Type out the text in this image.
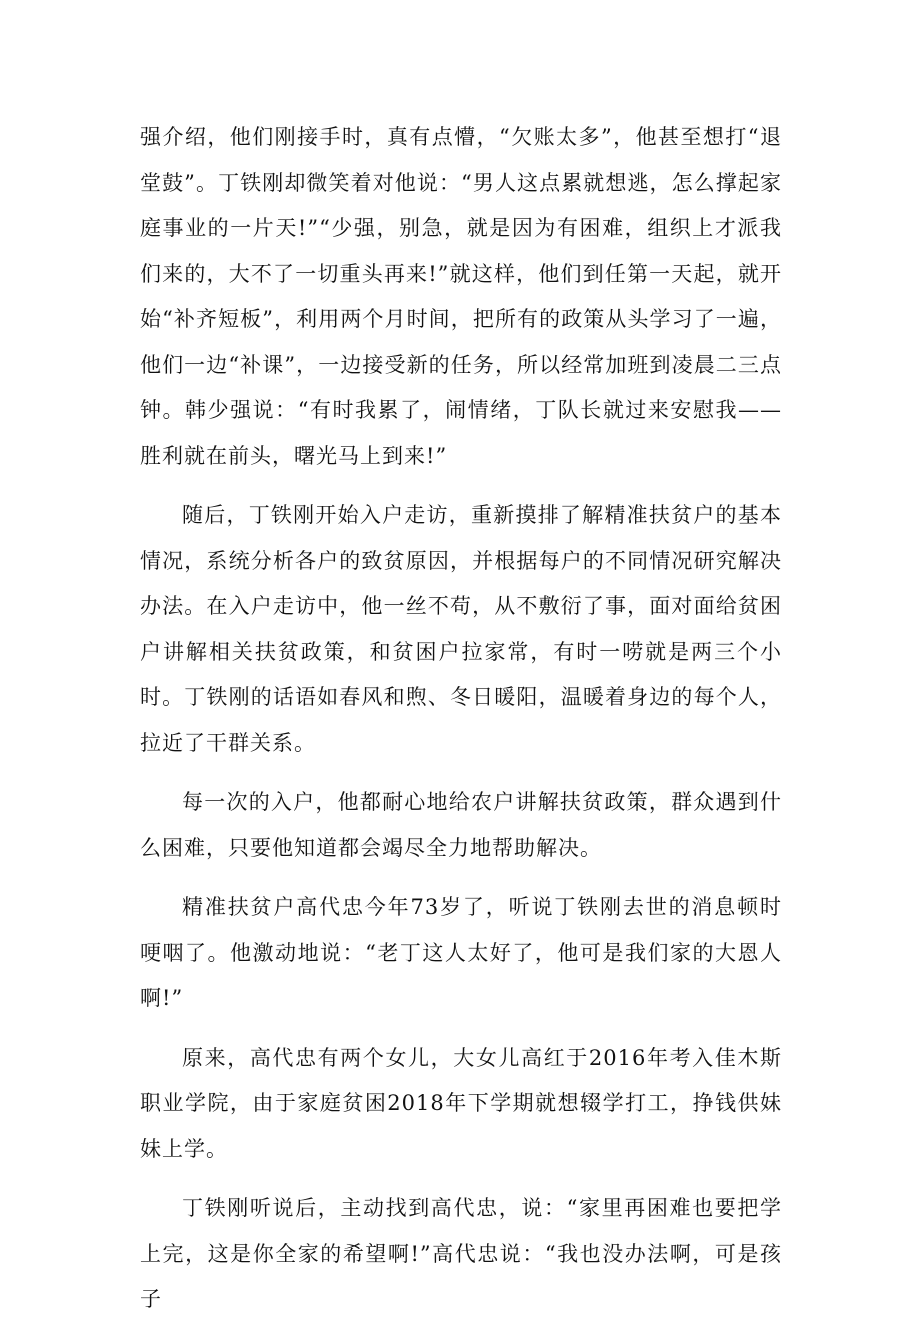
强介绍，他们刚接手时，真有点懵，“欠账太多”，他甚至想打“退堂鼓”。丁铁刚却微笑着对他说：“男人这点累就想逃，怎么撑起家庭事业的一片天!”“少强，别急，就是因为有困难，组织上才派我们来的，大不了一切重头再来!”就这样，他们到任第一天起，就开始“补齐短板”，利用两个月时间，把所有的政策从头学习了一遍，他们一边“补课”，一边接受新的任务，所以经常加班到凌晨二三点钟。韩少强说：“有时我累了，闹情绪，丁队长就过来安慰我——胜利就在前头，曙光马上到来!”

随后，丁铁刚开始入户走访，重新摸排了解精准扶贫户的基本情况，系统分析各户的致贫原因，并根据每户的不同情况研究解决办法。在入户走访中，他一丝不苟，从不敷衍了事，面对面给贫困户讲解相关扶贫政策，和贫困户拉家常，有时一唠就是两三个小时。丁铁刚的话语如春风和煦、冬日暖阳，温暖着身边的每个人，拉近了干群关系。

每一次的入户，他都耐心地给农户讲解扶贫政策，群众遇到什么困难，只要他知道都会竭尽全力地帮助解决。

精准扶贫户高代忠今年73岁了，听说丁铁刚去世的消息顿时哽咽了。他激动地说：“老丁这人太好了，他可是我们家的大恩人啊!”

原来，高代忠有两个女儿，大女儿高红于2016年考入佳木斯职业学院，由于家庭贫困2018年下学期就想辍学打工，挣钱供妹妹上学。

丁铁刚听说后，主动找到高代忠，说：“家里再困难也要把学上完，这是你全家的希望啊!”高代忠说：“我也没办法啊，可是孩子
